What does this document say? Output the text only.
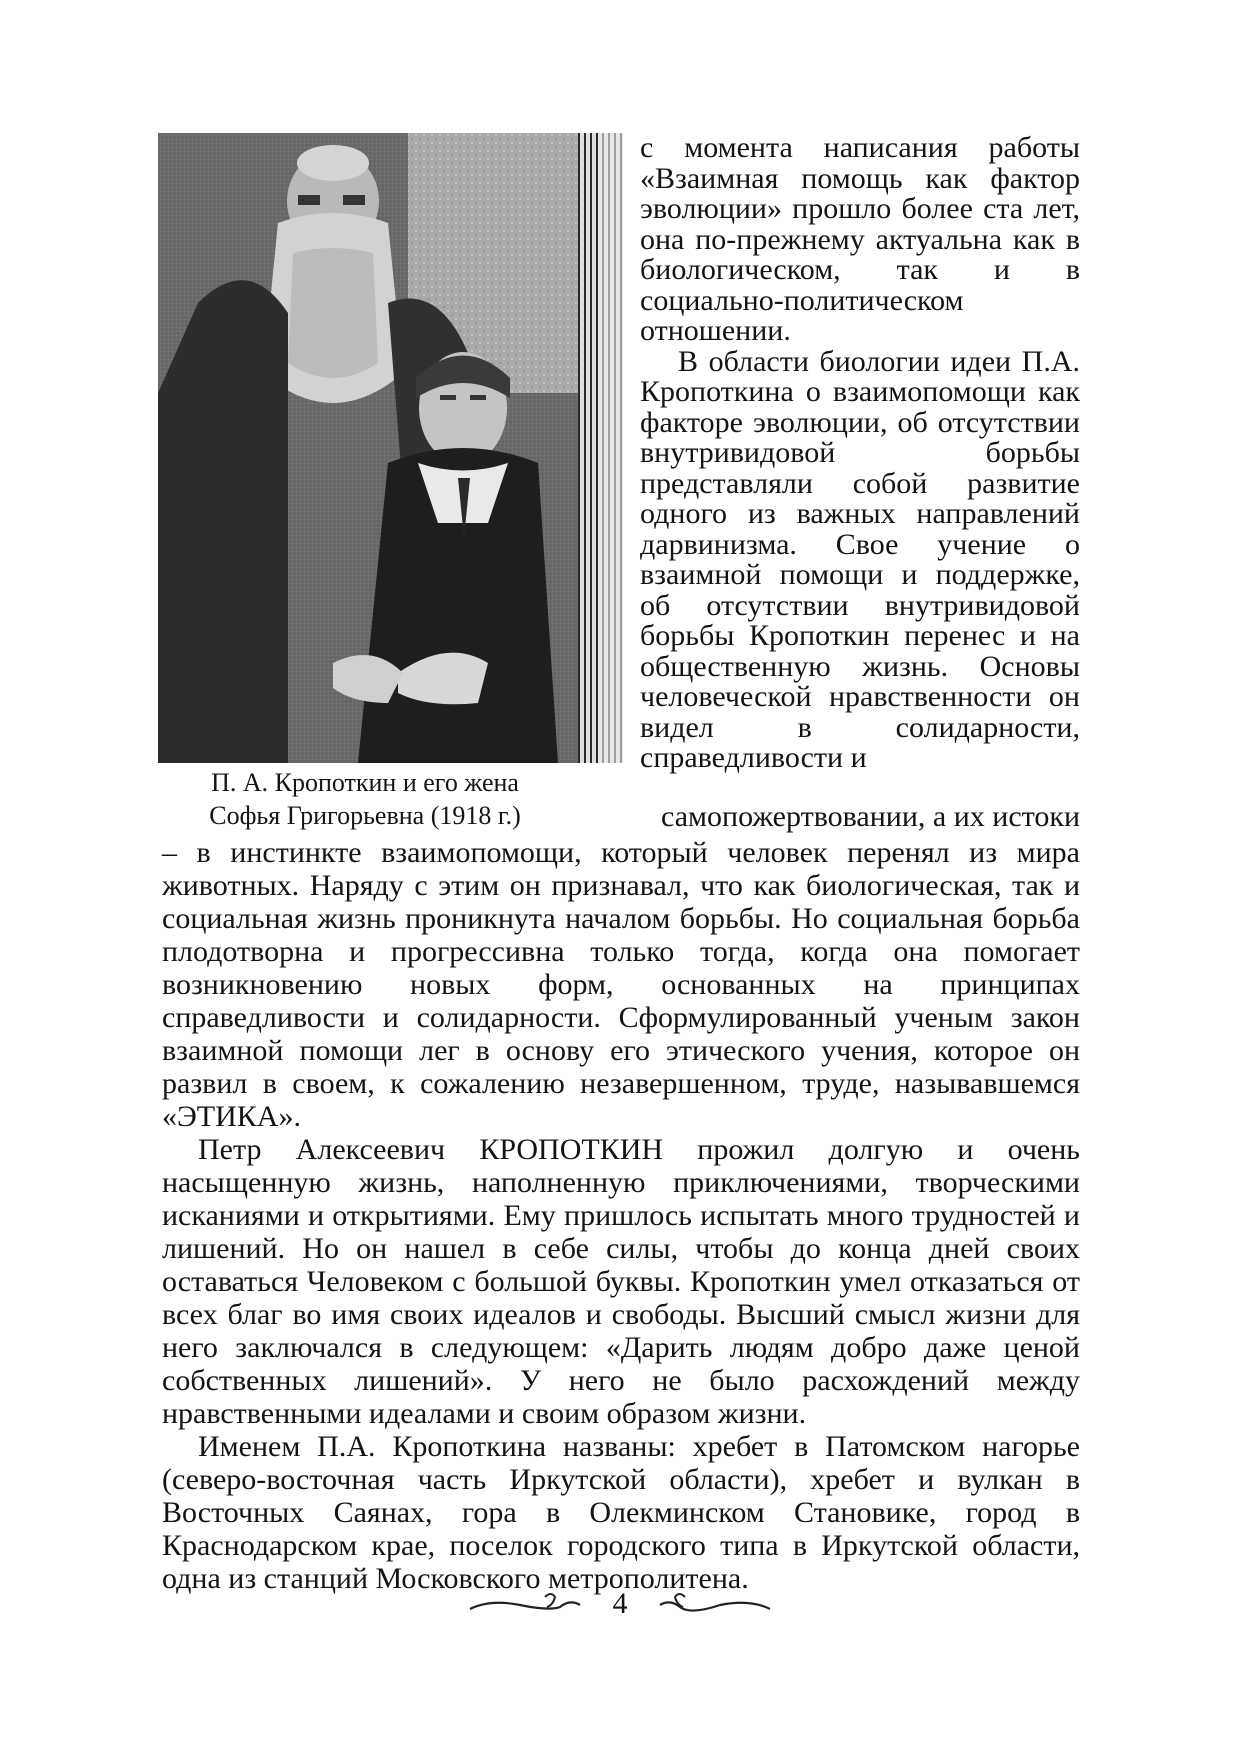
П. А. Кропоткин и его жена
Софья Григорьевна (1918 г.)

с момента написания работы «Взаимная помощь как фактор эволюции» прошло более ста лет, она по-прежнему актуальна как в биологическом, так и в социально-политическом отношении.

В области биологии идеи П.А. Кропоткина о взаимопомощи как факторе эволюции, об отсутствии внутривидовой борьбы представляли собой развитие одного из важных направлений дарвинизма. Свое учение о взаимной помощи и поддержке, об отсутствии внутривидовой борьбы Кропоткин перенес и на общественную жизнь. Основы человеческой нравственности он видел в солидарности, справедливости и

самопожертвовании, а их истоки

– в инстинкте взаимопомощи, который человек перенял из мира животных. Наряду с этим он признавал, что как биологическая, так и социальная жизнь проникнута началом борьбы. Но социальная борьба плодотворна и прогрессивна только тогда, когда она помогает возникновению новых форм, основанных на принципах справедливости и солидарности. Сформулированный ученым закон взаимной помощи лег в основу его этического учения, которое он развил в своем, к сожалению незавершенном, труде, называвшемся «ЭТИКА».

Петр Алексеевич КРОПОТКИН прожил долгую и очень насыщенную жизнь, наполненную приключениями, творческими исканиями и открытиями. Ему пришлось испытать много трудностей и лишений. Но он нашел в себе силы, чтобы до конца дней своих оставаться Человеком с большой буквы. Кропоткин умел отказаться от всех благ во имя своих идеалов и свободы. Высший смысл жизни для него заключался в следующем: «Дарить людям добро даже ценой собственных лишений». У него не было расхождений между нравственными идеалами и своим образом жизни.

Именем П.А. Кропоткина названы: хребет в Патомском нагорье (северо-восточная часть Иркутской области), хребет и вулкан в Восточных Саянах, гора в Олекминском Становике, город в Краснодарском крае, поселок городского типа в Иркутской области, одна из станций Московского метрополитена.

4
